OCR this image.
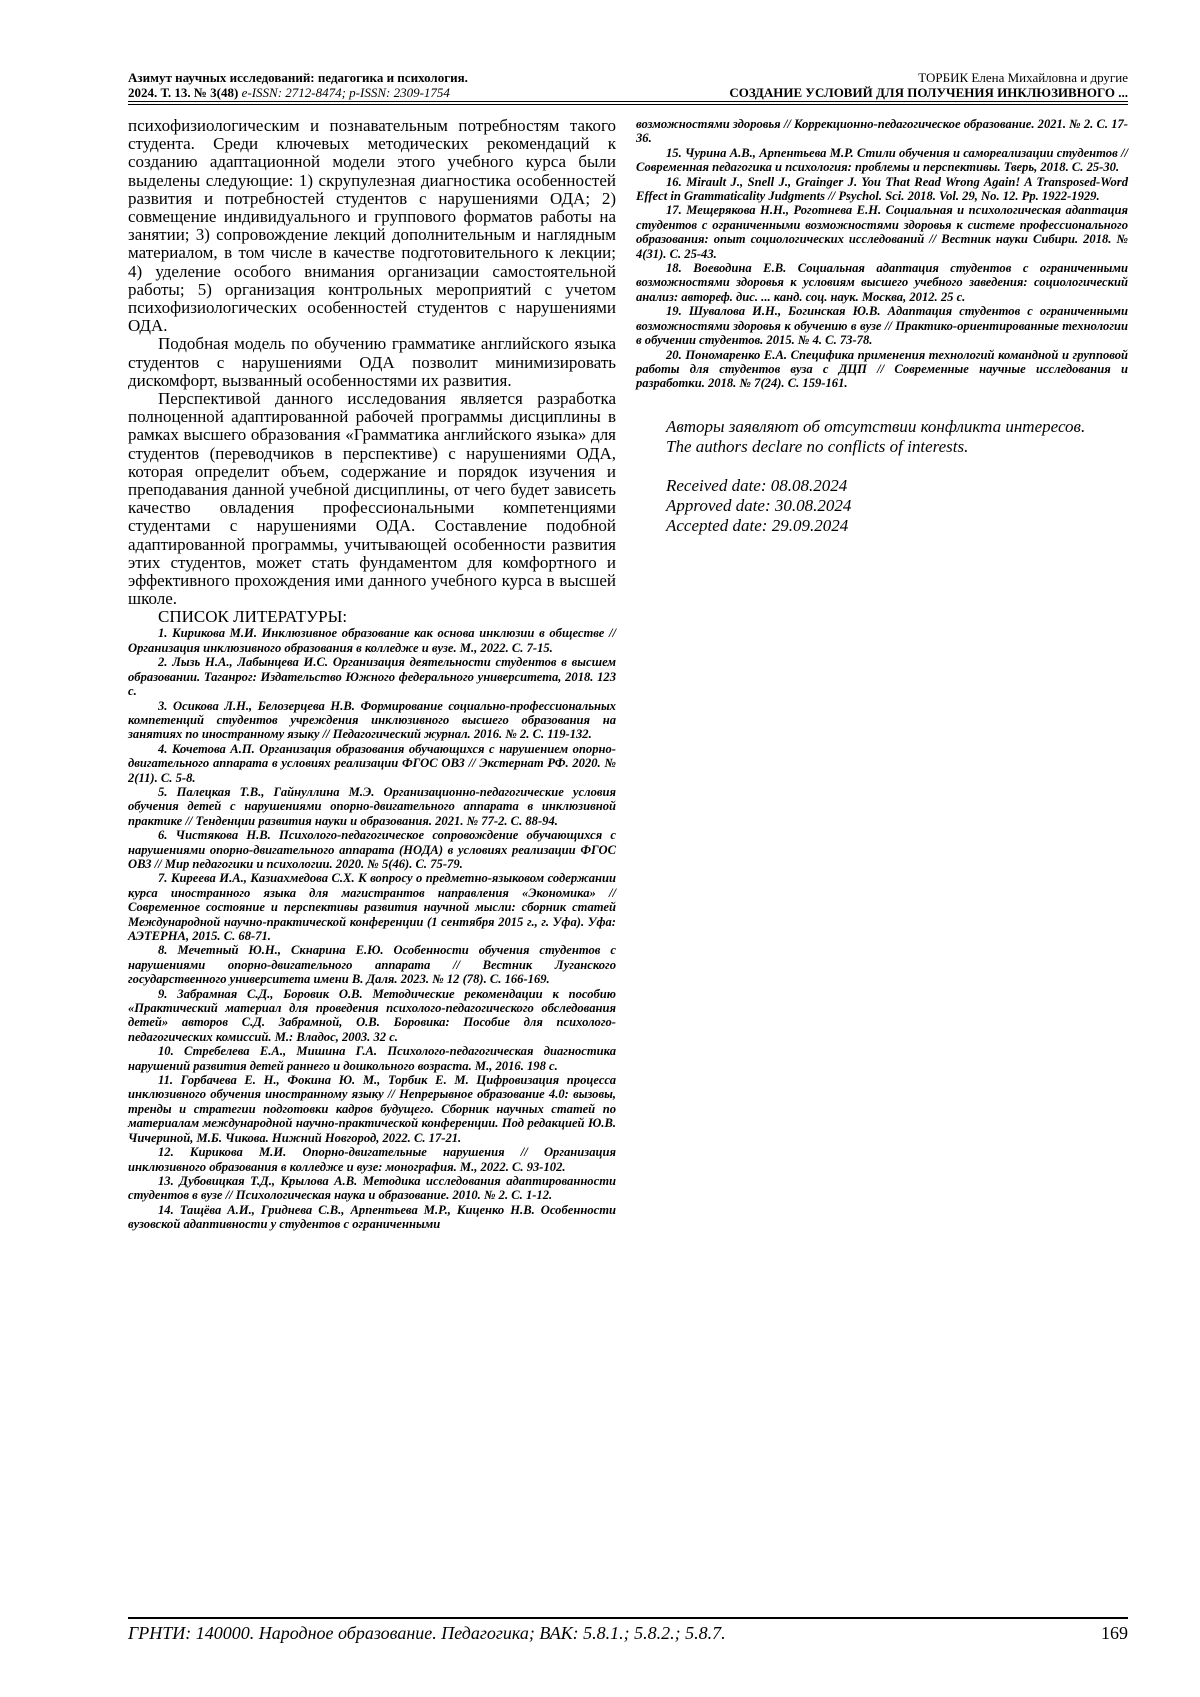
Азимут научных исследований: педагогика и психология.
2024. Т. 13. № 3(48) e-ISSN: 2712-8474; p-ISSN: 2309-1754
ТОРБИК Елена Михайловна и другие
СОЗДАНИЕ УСЛОВИЙ ДЛЯ ПОЛУЧЕНИЯ ИНКЛЮЗИВНОГО ...

психофизиологическим и познавательным потребностям такого студента. Среди ключевых методических рекомендаций к созданию адаптационной модели этого учебного курса были выделены следующие: 1) скрупулезная диагностика особенностей развития и потребностей студентов с нарушениями ОДА; 2) совмещение индивидуального и группового форматов работы на занятии; 3) сопровождение лекций дополнительным и наглядным материалом, в том числе в качестве подготовительного к лекции; 4) уделение особого внимания организации самостоятельной работы; 5) организация контрольных мероприятий с учетом психофизиологических особенностей студентов с нарушениями ОДА.

Подобная модель по обучению грамматике английского языка студентов с нарушениями ОДА позволит минимизировать дискомфорт, вызванный особенностями их развития.

Перспективой данного исследования является разработка полноценной адаптированной рабочей программы дисциплины в рамках высшего образования «Грамматика английского языка» для студентов (переводчиков в перспективе) с нарушениями ОДА, которая определит объем, содержание и порядок изучения и преподавания данной учебной дисциплины, от чего будет зависеть качество овладения профессиональными компетенциями студентами с нарушениями ОДА. Составление подобной адаптированной программы, учитывающей особенности развития этих студентов, может стать фундаментом для комфортного и эффективного прохождения ими данного учебного курса в высшей школе.

СПИСОК ЛИТЕРАТУРЫ:

1. Кирикова М.И. Инклюзивное образование как основа инклюзии в обществе // Организация инклюзивного образования в колледже и вузе. М., 2022. С. 7-15.

2. Лызь Н.А., Лабынцева И.С. Организация деятельности студентов в высшем образовании. Таганрог: Издательство Южного федерального университета, 2018. 123 с.

3. Осикова Л.Н., Белозерцева Н.В. Формирование социально-профессиональных компетенций студентов учреждения инклюзивного высшего образования на занятиях по иностранному языку // Педагогический журнал. 2016. № 2. С. 119-132.

4. Кочетова А.П. Организация образования обучающихся с нарушением опорно-двигательного аппарата в условиях реализации ФГОС ОВЗ // Экстернат РФ. 2020. № 2(11). С. 5-8.

5. Палецкая Т.В., Гайнуллина М.Э. Организационно-педагогические условия обучения детей с нарушениями опорно-двигательного аппарата в инклюзивной практике // Тенденции развития науки и образования. 2021. № 77-2. С. 88-94.

6. Чистякова Н.В. Психолого-педагогическое сопровождение обучающихся с нарушениями опорно-двигательного аппарата (НОДА) в условиях реализации ФГОС ОВЗ // Мир педагогики и психологии. 2020. № 5(46). С. 75-79.

7. Киреева И.А., Казиахмедова С.Х. К вопросу о предметно-языковом содержании курса иностранного языка для магистрантов направления «Экономика» // Современное состояние и перспективы развития научной мысли: сборник статей Международной научно-практической конференции (1 сентября 2015 г., г. Уфа). Уфа: АЭТЕРНА, 2015. С. 68-71.

8. Мечетный Ю.Н., Скнарина Е.Ю. Особенности обучения студентов с нарушениями опорно-двигательного аппарата // Вестник Луганского государственного университета имени В. Даля. 2023. № 12 (78). С. 166-169.

9. Забрамная С.Д., Боровик О.В. Методические рекомендации к пособию «Практический материал для проведения психолого-педагогического обследования детей» авторов С.Д. Забрамной, О.В. Боровика: Пособие для психолого-педагогических комиссий. М.: Владос, 2003. 32 с.

10. Стребелева Е.А., Мишина Г.А. Психолого-педагогическая диагностика нарушений развития детей раннего и дошкольного возраста. М., 2016. 198 с.

11. Горбачева Е. Н., Фокина Ю. М., Торбик Е. М. Цифровизация процесса инклюзивного обучения иностранному языку // Непрерывное образование 4.0: вызовы, тренды и стратегии подготовки кадров будущего. Сборник научных статей по материалам международной научно-практической конференции. Под редакцией Ю.В. Чичериной, М.Б. Чикова. Нижний Новгород, 2022. С. 17-21.

12. Кирикова М.И. Опорно-двигательные нарушения // Организация инклюзивного образования в колледже и вузе: монография. М., 2022. С. 93-102.

13. Дубовицкая Т.Д., Крылова А.В. Методика исследования адаптированности студентов в вузе // Психологическая наука и образование. 2010. № 2. С. 1-12.

14. Тащёва А.И., Гриднева С.В., Арпентьева М.Р., Киценко Н.В. Особенности вузовской адаптивности у студентов с ограниченными

возможностями здоровья // Коррекционно-педагогическое образование. 2021. № 2. С. 17-36.

15. Чурина А.В., Арпентьева М.Р. Стили обучения и самореализации студентов // Современная педагогика и психология: проблемы и перспективы. Тверь, 2018. С. 25-30.

16. Mirault J., Snell J., Grainger J. You That Read Wrong Again! A Transposed-Word Effect in Grammaticality Judgments // Psychol. Sci. 2018. Vol. 29, No. 12. Pp. 1922-1929.

17. Мещерякова Н.Н., Роготнева Е.Н. Социальная и психологическая адаптация студентов с ограниченными возможностями здоровья к системе профессионального образования: опыт социологических исследований // Вестник науки Сибири. 2018. № 4(31). С. 25-43.

18. Воеводина Е.В. Социальная адаптация студентов с ограниченными возможностями здоровья к условиям высшего учебного заведения: социологический анализ: автореф. дис. ... канд. соц. наук. Москва, 2012. 25 с.

19. Шувалова И.Н., Богинская Ю.В. Адаптация студентов с ограниченными возможностями здоровья к обучению в вузе // Практико-ориентированные технологии в обучении студентов. 2015. № 4. С. 73-78.

20. Пономаренко Е.А. Специфика применения технологий командной и групповой работы для студентов вуза с ДЦП // Современные научные исследования и разработки. 2018. № 7(24). С. 159-161.

Авторы заявляют об отсутствии конфликта интересов.

The authors declare no conflicts of interests.

Received date: 08.08.2024

Approved date: 30.08.2024

Accepted date: 29.09.2024

ГРНТИ: 140000. Народное образование. Педагогика; ВАК: 5.8.1.; 5.8.2.; 5.8.7.	169
